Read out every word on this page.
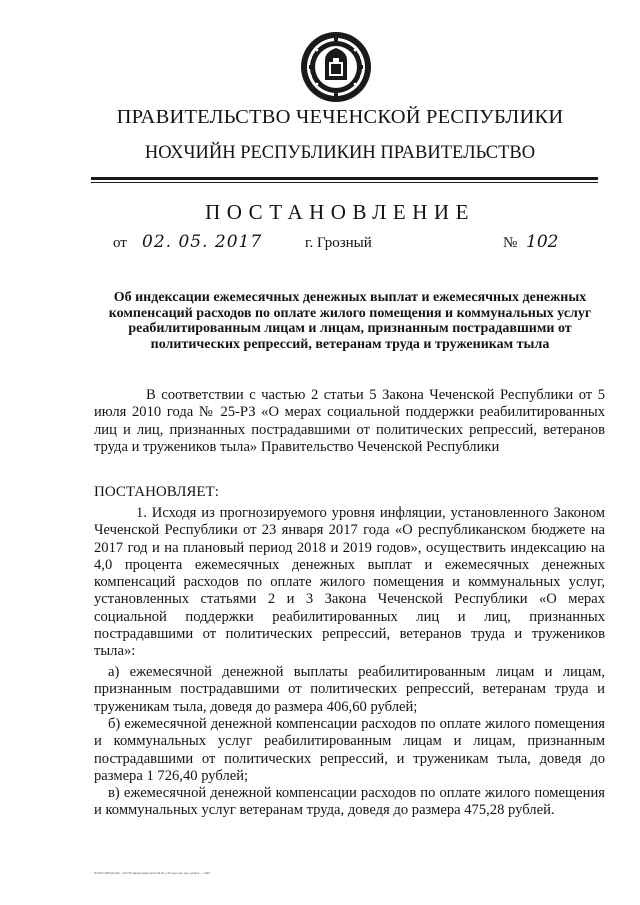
ПРАВИТЕЛЬСТВО ЧЕЧЕНСКОЙ РЕСПУБЛИКИ
НОХЧИЙН РЕСПУБЛИКИН ПРАВИТЕЛЬСТВО
ПОСТАНОВЛЕНИЕ
от 02. 05. 2017	г. Грозный	№ 102
Об индексации ежемесячных денежных выплат и ежемесячных денежных компенсаций расходов по оплате жилого помещения и коммунальных услуг реабилитированным лицам и лицам, признанным пострадавшими от политических репрессий, ветеранам труда и труженикам тыла
В соответствии с частью 2 статьи 5 Закона Чеченской Республики от 5 июля 2010 года № 25-РЗ «О мерах социальной поддержки реабилитированных лиц и лиц, признанных пострадавшими от политических репрессий, ветеранов труда и тружеников тыла» Правительство Чеченской Республики
ПОСТАНОВЛЯЕТ:
1. Исходя из прогнозируемого уровня инфляции, установленного Законом Чеченской Республики от 23 января 2017 года «О республиканском бюджете на 2017 год и на плановый период 2018 и 2019 годов», осуществить индексацию на 4,0 процента ежемесячных денежных выплат и ежемесячных денежных компенсаций расходов по оплате жилого помещения и коммунальных услуг, установленных статьями 2 и 3 Закона Чеченской Республики «О мерах социальной поддержки реабилитированных лиц и лиц, признанных пострадавшими от политических репрессий, ветеранов труда и тружеников тыла»:
а) ежемесячной денежной выплаты реабилитированным лицам и лицам, признанным пострадавшими от политических репрессий, ветеранам труда и труженикам тыла, доведя до размера 406,60 рублей;
б) ежемесячной денежной компенсации расходов по оплате жилого помещения и коммунальных услуг реабилитированным лицам и лицам, признанным пострадавшими от политических репрессий, и труженикам тыла, доведя до размера 1 726,40 рублей;
в) ежемесячной денежной компенсации расходов по оплате жилого помещения и коммунальных услуг ветеранам труда, доведя до размера 475,28 рублей.
Чеч001\ИПОД\Ден - 201705.индексация выпл.04.05.-126 мер.соц. дов. размер ..., 0001
